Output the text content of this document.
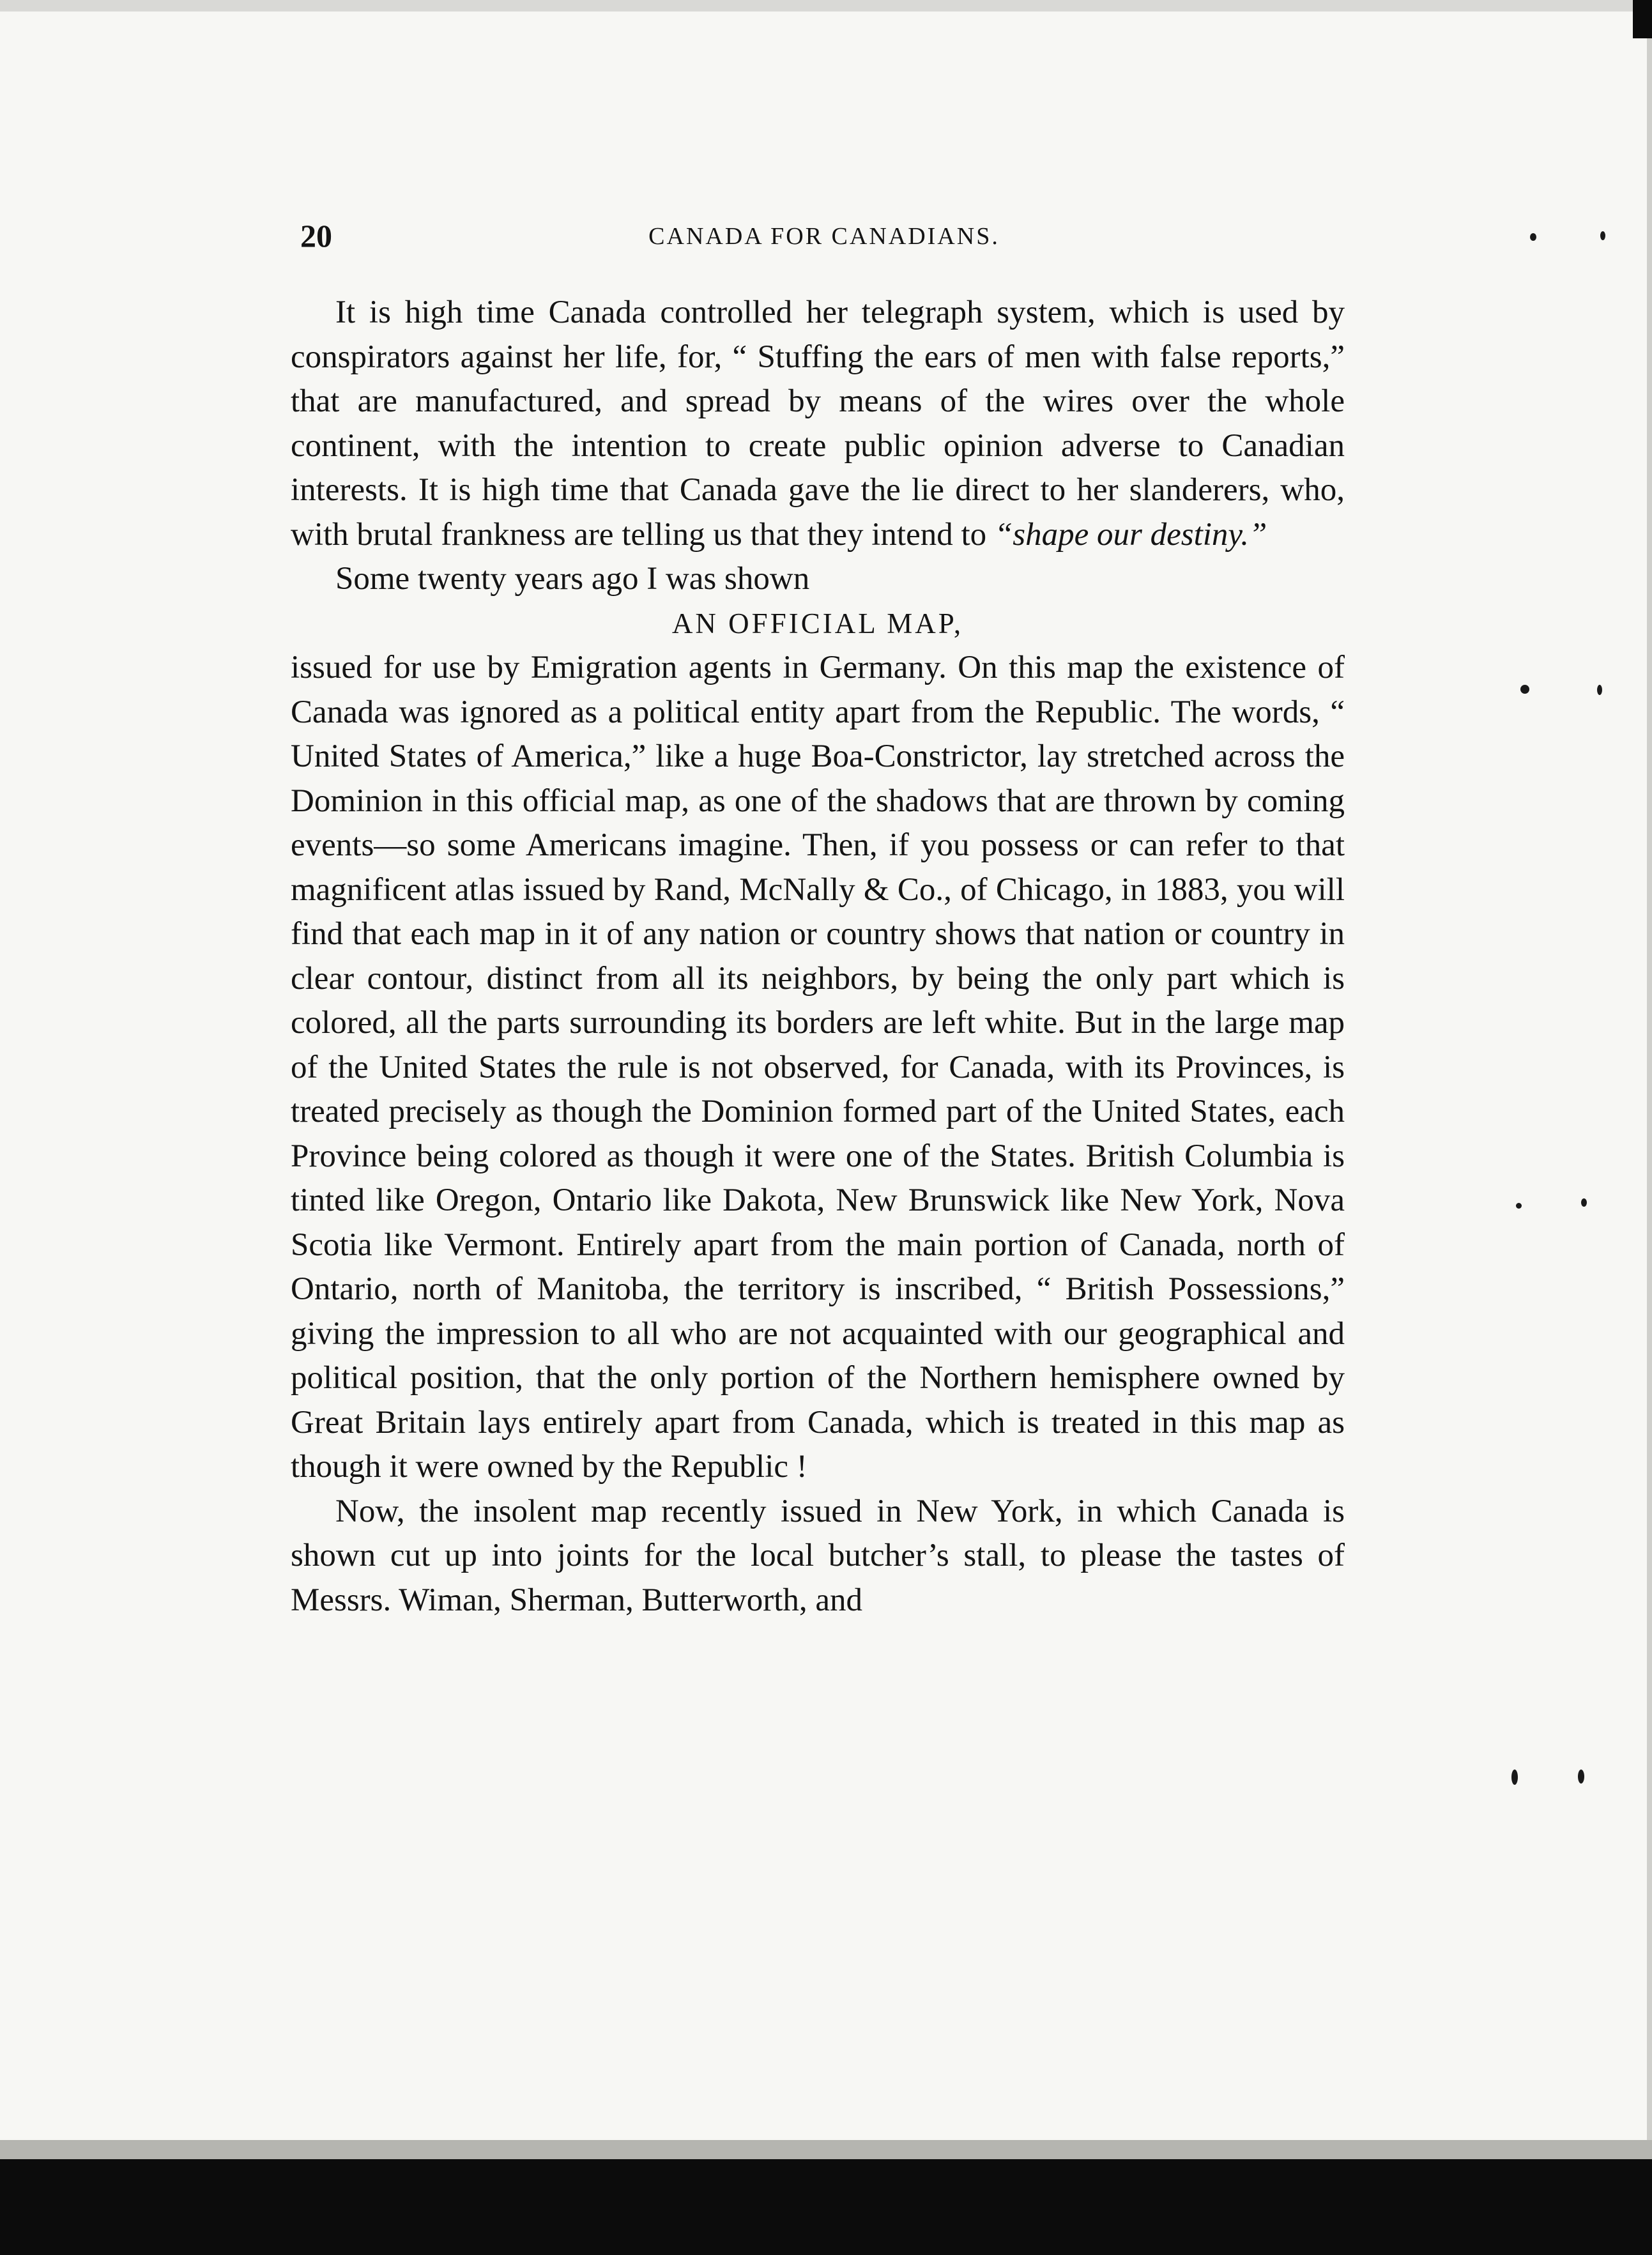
20	CANADA FOR CANADIANS.

It is high time Canada controlled her telegraph system, which is used by conspirators against her life, for, “ Stuffing the ears of men with false reports,” that are manufactured, and spread by means of the wires over the whole continent, with the intention to create public opinion adverse to Canadian interests. It is high time that Canada gave the lie direct to her slanderers, who, with brutal frankness are telling us that they intend to “shape our destiny.”

Some twenty years ago I was shown

AN OFFICIAL MAP,

issued for use by Emigration agents in Germany. On this map the existence of Canada was ignored as a political entity apart from the Republic. The words, “ United States of America,” like a huge Boa-Constrictor, lay stretched across the Dominion in this official map, as one of the shadows that are thrown by coming events—so some Americans imagine. Then, if you possess or can refer to that magnificent atlas issued by Rand, McNally & Co., of Chicago, in 1883, you will find that each map in it of any nation or country shows that nation or country in clear contour, distinct from all its neighbors, by being the only part which is colored, all the parts surrounding its borders are left white. But in the large map of the United States the rule is not observed, for Canada, with its Provinces, is treated precisely as though the Dominion formed part of the United States, each Province being colored as though it were one of the States. British Columbia is tinted like Oregon, Ontario like Dakota, New Brunswick like New York, Nova Scotia like Vermont. Entirely apart from the main portion of Canada, north of Ontario, north of Manitoba, the territory is inscribed, “ British Possessions,” giving the impression to all who are not acquainted with our geographical and political position, that the only portion of the Northern hemisphere owned by Great Britain lays entirely apart from Canada, which is treated in this map as though it were owned by the Republic !

Now, the insolent map recently issued in New York, in which Canada is shown cut up into joints for the local butcher’s stall, to please the tastes of Messrs. Wiman, Sherman, Butterworth, and
